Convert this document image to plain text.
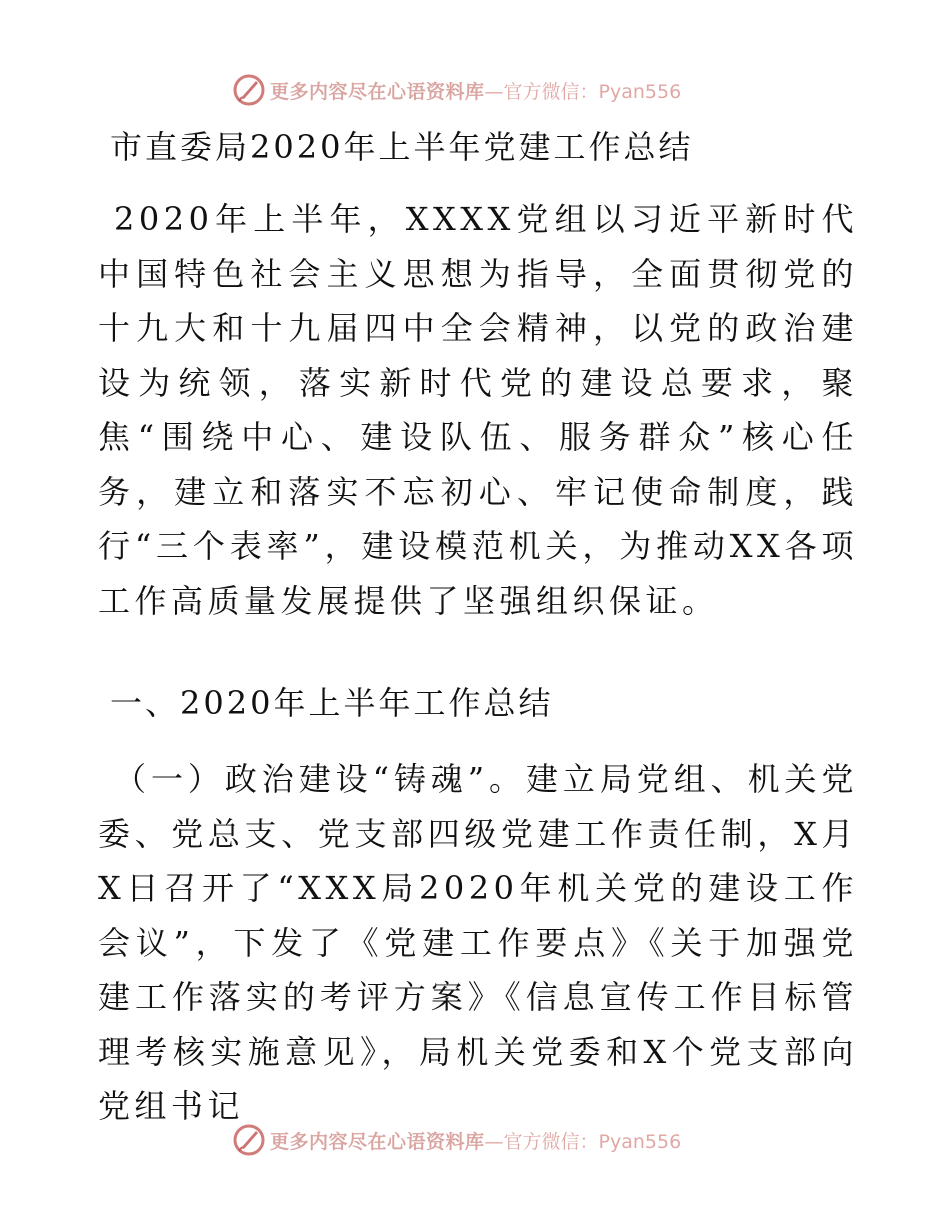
更多内容尽在心语资料库 —官方微信：Pyan556
市直委局2020年上半年党建工作总结

2020年上半年，XXXX党组以习近平新时代中国特色社会主义思想为指导，全面贯彻党的十九大和十九届四中全会精神，以党的政治建设为统领，落实新时代党的建设总要求，聚焦“围绕中心、建设队伍、服务群众”核心任务，建立和落实不忘初心、牢记使命制度，践行“三个表率”，建设模范机关，为推动XX各项工作高质量发展提供了坚强组织保证。

一、2020年上半年工作总结

（一）政治建设“铸魂”。建立局党组、机关党委、党总支、党支部四级党建工作责任制，X月X日召开了“XXX局2020年机关党的建设工作会议”，下发了《党建工作要点》《关于加强党建工作落实的考评方案》《信息宣传工作目标管理考核实施意见》，局机关党委和X个党支部向党组书记

更多内容尽在心语资料库 —官方微信：Pyan556
